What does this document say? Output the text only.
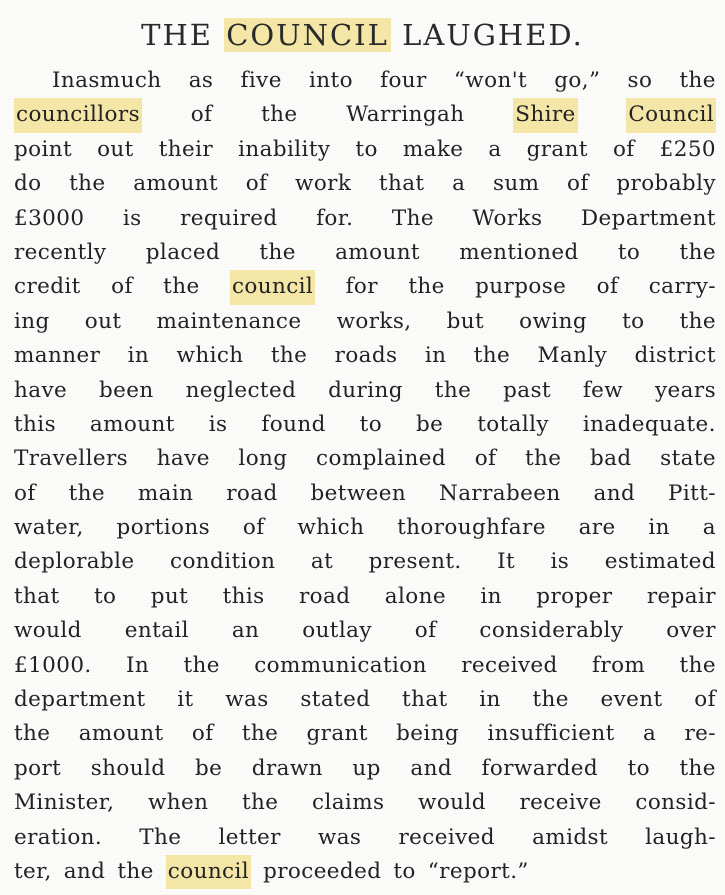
THE COUNCIL LAUGHED.
Inasmuch as five into four “won't go,” so the
councillors of the Warringah Shire Council
point out their inability to make a grant of £250
do the amount of work that a sum of probably
£3000 is required for. The Works Department
recently placed the amount mentioned to the
credit of the council for the purpose of carry-
ing out maintenance works, but owing to the
manner in which the roads in the Manly district
have been neglected during the past few years
this amount is found to be totally inadequate.
Travellers have long complained of the bad state
of the main road between Narrabeen and Pitt-
water, portions of which thoroughfare are in a
deplorable condition at present. It is estimated
that to put this road alone in proper repair
would entail an outlay of considerably over
£1000. In the communication received from the
department it was stated that in the event of
the amount of the grant being insufficient a re-
port should be drawn up and forwarded to the
Minister, when the claims would receive consid-
eration. The letter was received amidst laugh-
ter, and the council proceeded to “report.”
